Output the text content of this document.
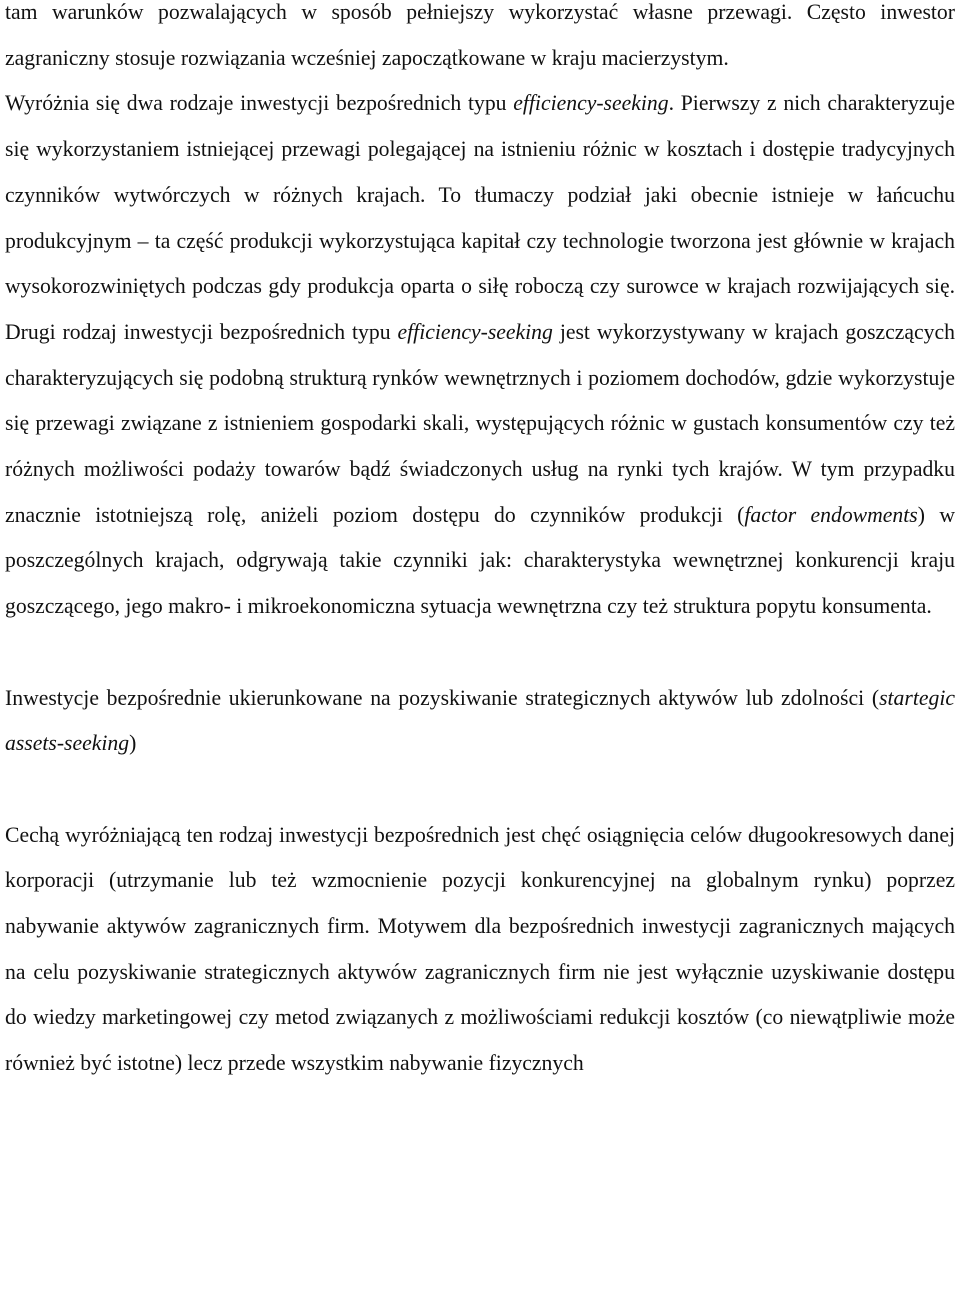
tam warunków pozwalających w sposób pełniejszy wykorzystać własne przewagi. Często inwestor zagraniczny stosuje rozwiązania wcześniej zapoczątkowane w kraju macierzystym.

Wyróżnia się dwa rodzaje inwestycji bezpośrednich typu efficiency-seeking. Pierwszy z nich charakteryzuje się wykorzystaniem istniejącej przewagi polegającej na istnieniu różnic w kosztach i dostępie tradycyjnych czynników wytwórczych w różnych krajach. To tłumaczy podział jaki obecnie istnieje w łańcuchu produkcyjnym – ta część produkcji wykorzystująca kapitał czy technologie tworzona jest głównie w krajach wysokorozwiniętych podczas gdy produkcja oparta o siłę roboczą czy surowce w krajach rozwijających się. Drugi rodzaj inwestycji bezpośrednich typu efficiency-seeking jest wykorzystywany w krajach goszczących charakteryzujących się podobną strukturą rynków wewnętrznych i poziomem dochodów, gdzie wykorzystuje się przewagi związane z istnieniem gospodarki skali, występujących różnic w gustach konsumentów czy też różnych możliwości podaży towarów bądź świadczonych usług na rynki tych krajów. W tym przypadku znacznie istotniejszą rolę, aniżeli poziom dostępu do czynników produkcji (factor endowments) w poszczególnych krajach, odgrywają takie czynniki jak: charakterystyka wewnętrznej konkurencji kraju goszczącego, jego makro- i mikroekonomiczna sytuacja wewnętrzna czy też struktura popytu konsumenta.

Inwestycje bezpośrednie ukierunkowane na pozyskiwanie strategicznych aktywów lub zdolności (startegic assets-seeking)

Cechą wyróżniającą ten rodzaj inwestycji bezpośrednich jest chęć osiągnięcia celów długookresowych danej korporacji (utrzymanie lub też wzmocnienie pozycji konkurencyjnej na globalnym rynku) poprzez nabywanie aktywów zagranicznych firm. Motywem dla bezpośrednich inwestycji zagranicznych mających na celu pozyskiwanie strategicznych aktywów zagranicznych firm nie jest wyłącznie uzyskiwanie dostępu do wiedzy marketingowej czy metod związanych z możliwościami redukcji kosztów (co niewątpliwie może również być istotne) lecz przede wszystkim nabywanie fizycznych
